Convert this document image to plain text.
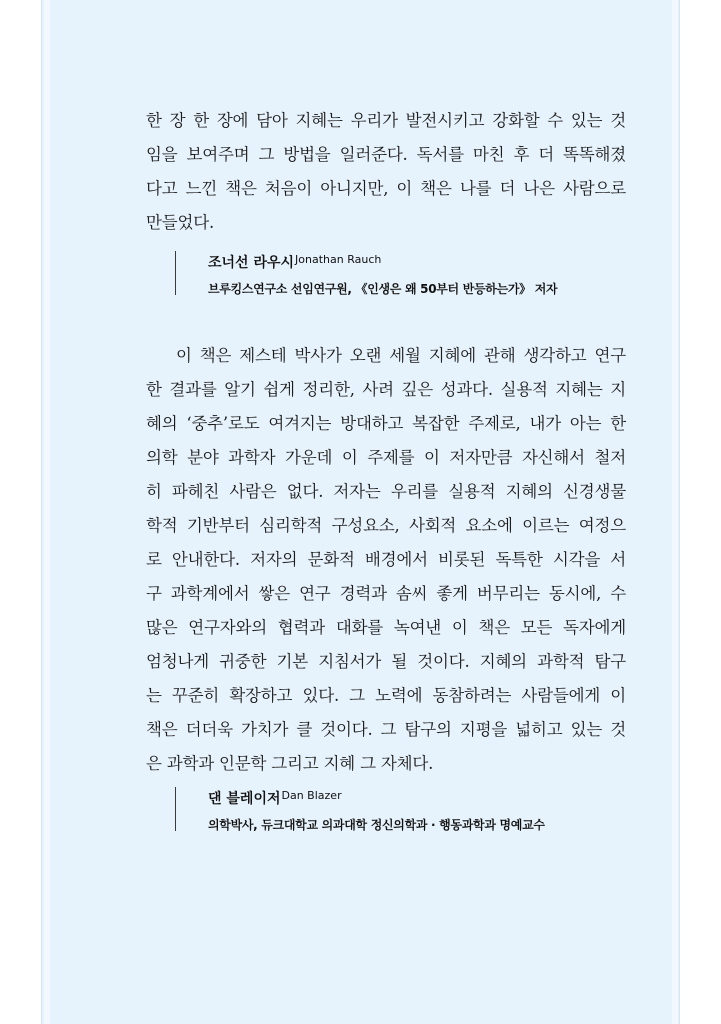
한 장 한 장에 담아 지혜는 우리가 발전시키고 강화할 수 있는 것
임을 보여주며 그 방법을 일러준다. 독서를 마친 후 더 똑똑해졌
다고 느낀 책은 처음이 아니지만, 이 책은 나를 더 나은 사람으로
만들었다.

조너선 라우시$^{Jonathan Rauch}$
브루킹스연구소 선임연구원, 《인생은 왜 50부터 반등하는가》 저자

이 책은 제스테 박사가 오랜 세월 지혜에 관해 생각하고 연구
한 결과를 알기 쉽게 정리한, 사려 깊은 성과다. 실용적 지혜는 지
혜의 ‘중추’로도 여겨지는 방대하고 복잡한 주제로, 내가 아는 한
의학 분야 과학자 가운데 이 주제를 이 저자만큼 자신해서 철저
히 파헤친 사람은 없다. 저자는 우리를 실용적 지혜의 신경생물
학적 기반부터 심리학적 구성요소, 사회적 요소에 이르는 여정으
로 안내한다. 저자의 문화적 배경에서 비롯된 독특한 시각을 서
구 과학계에서 쌓은 연구 경력과 솜씨 좋게 버무리는 동시에, 수
많은 연구자와의 협력과 대화를 녹여낸 이 책은 모든 독자에게
엄청나게 귀중한 기본 지침서가 될 것이다. 지혜의 과학적 탐구
는 꾸준히 확장하고 있다. 그 노력에 동참하려는 사람들에게 이
책은 더더욱 가치가 클 것이다. 그 탐구의 지평을 넓히고 있는 것
은 과학과 인문학 그리고 지혜 그 자체다.

댄 블레이저$^{Dan Blazer}$
의학박사, 듀크대학교 의과대학 정신의학과 · 행동과학과 명예교수
